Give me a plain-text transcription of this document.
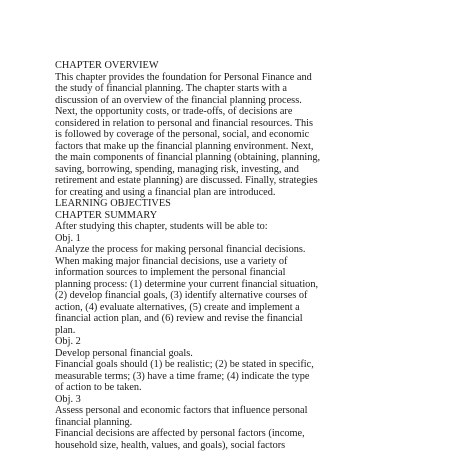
CHAPTER OVERVIEW
This chapter provides the foundation for Personal Finance and
the study of financial planning. The chapter starts with a
discussion of an overview of the financial planning process.
Next, the opportunity costs, or trade-offs, of decisions are
considered in relation to personal and financial resources. This
is followed by coverage of the personal, social, and economic
factors that make up the financial planning environment. Next,
the main components of financial planning (obtaining, planning,
saving, borrowing, spending, managing risk, investing, and
retirement and estate planning) are discussed. Finally, strategies
for creating and using a financial plan are introduced.
LEARNING OBJECTIVES
CHAPTER SUMMARY
After studying this chapter, students will be able to:
Obj. 1
Analyze the process for making personal financial decisions.
When making major financial decisions, use a variety of
information sources to implement the personal financial
planning process: (1) determine your current financial situation,
(2) develop financial goals, (3) identify alternative courses of
action, (4) evaluate alternatives, (5) create and implement a
financial action plan, and (6) review and revise the financial
plan.
Obj. 2
Develop personal financial goals.
Financial goals should (1) be realistic; (2) be stated in specific,
measurable terms; (3) have a time frame; (4) indicate the type
of action to be taken.
Obj. 3
Assess personal and economic factors that influence personal
financial planning.
Financial decisions are affected by personal factors (income,
household size, health, values, and goals), social factors
